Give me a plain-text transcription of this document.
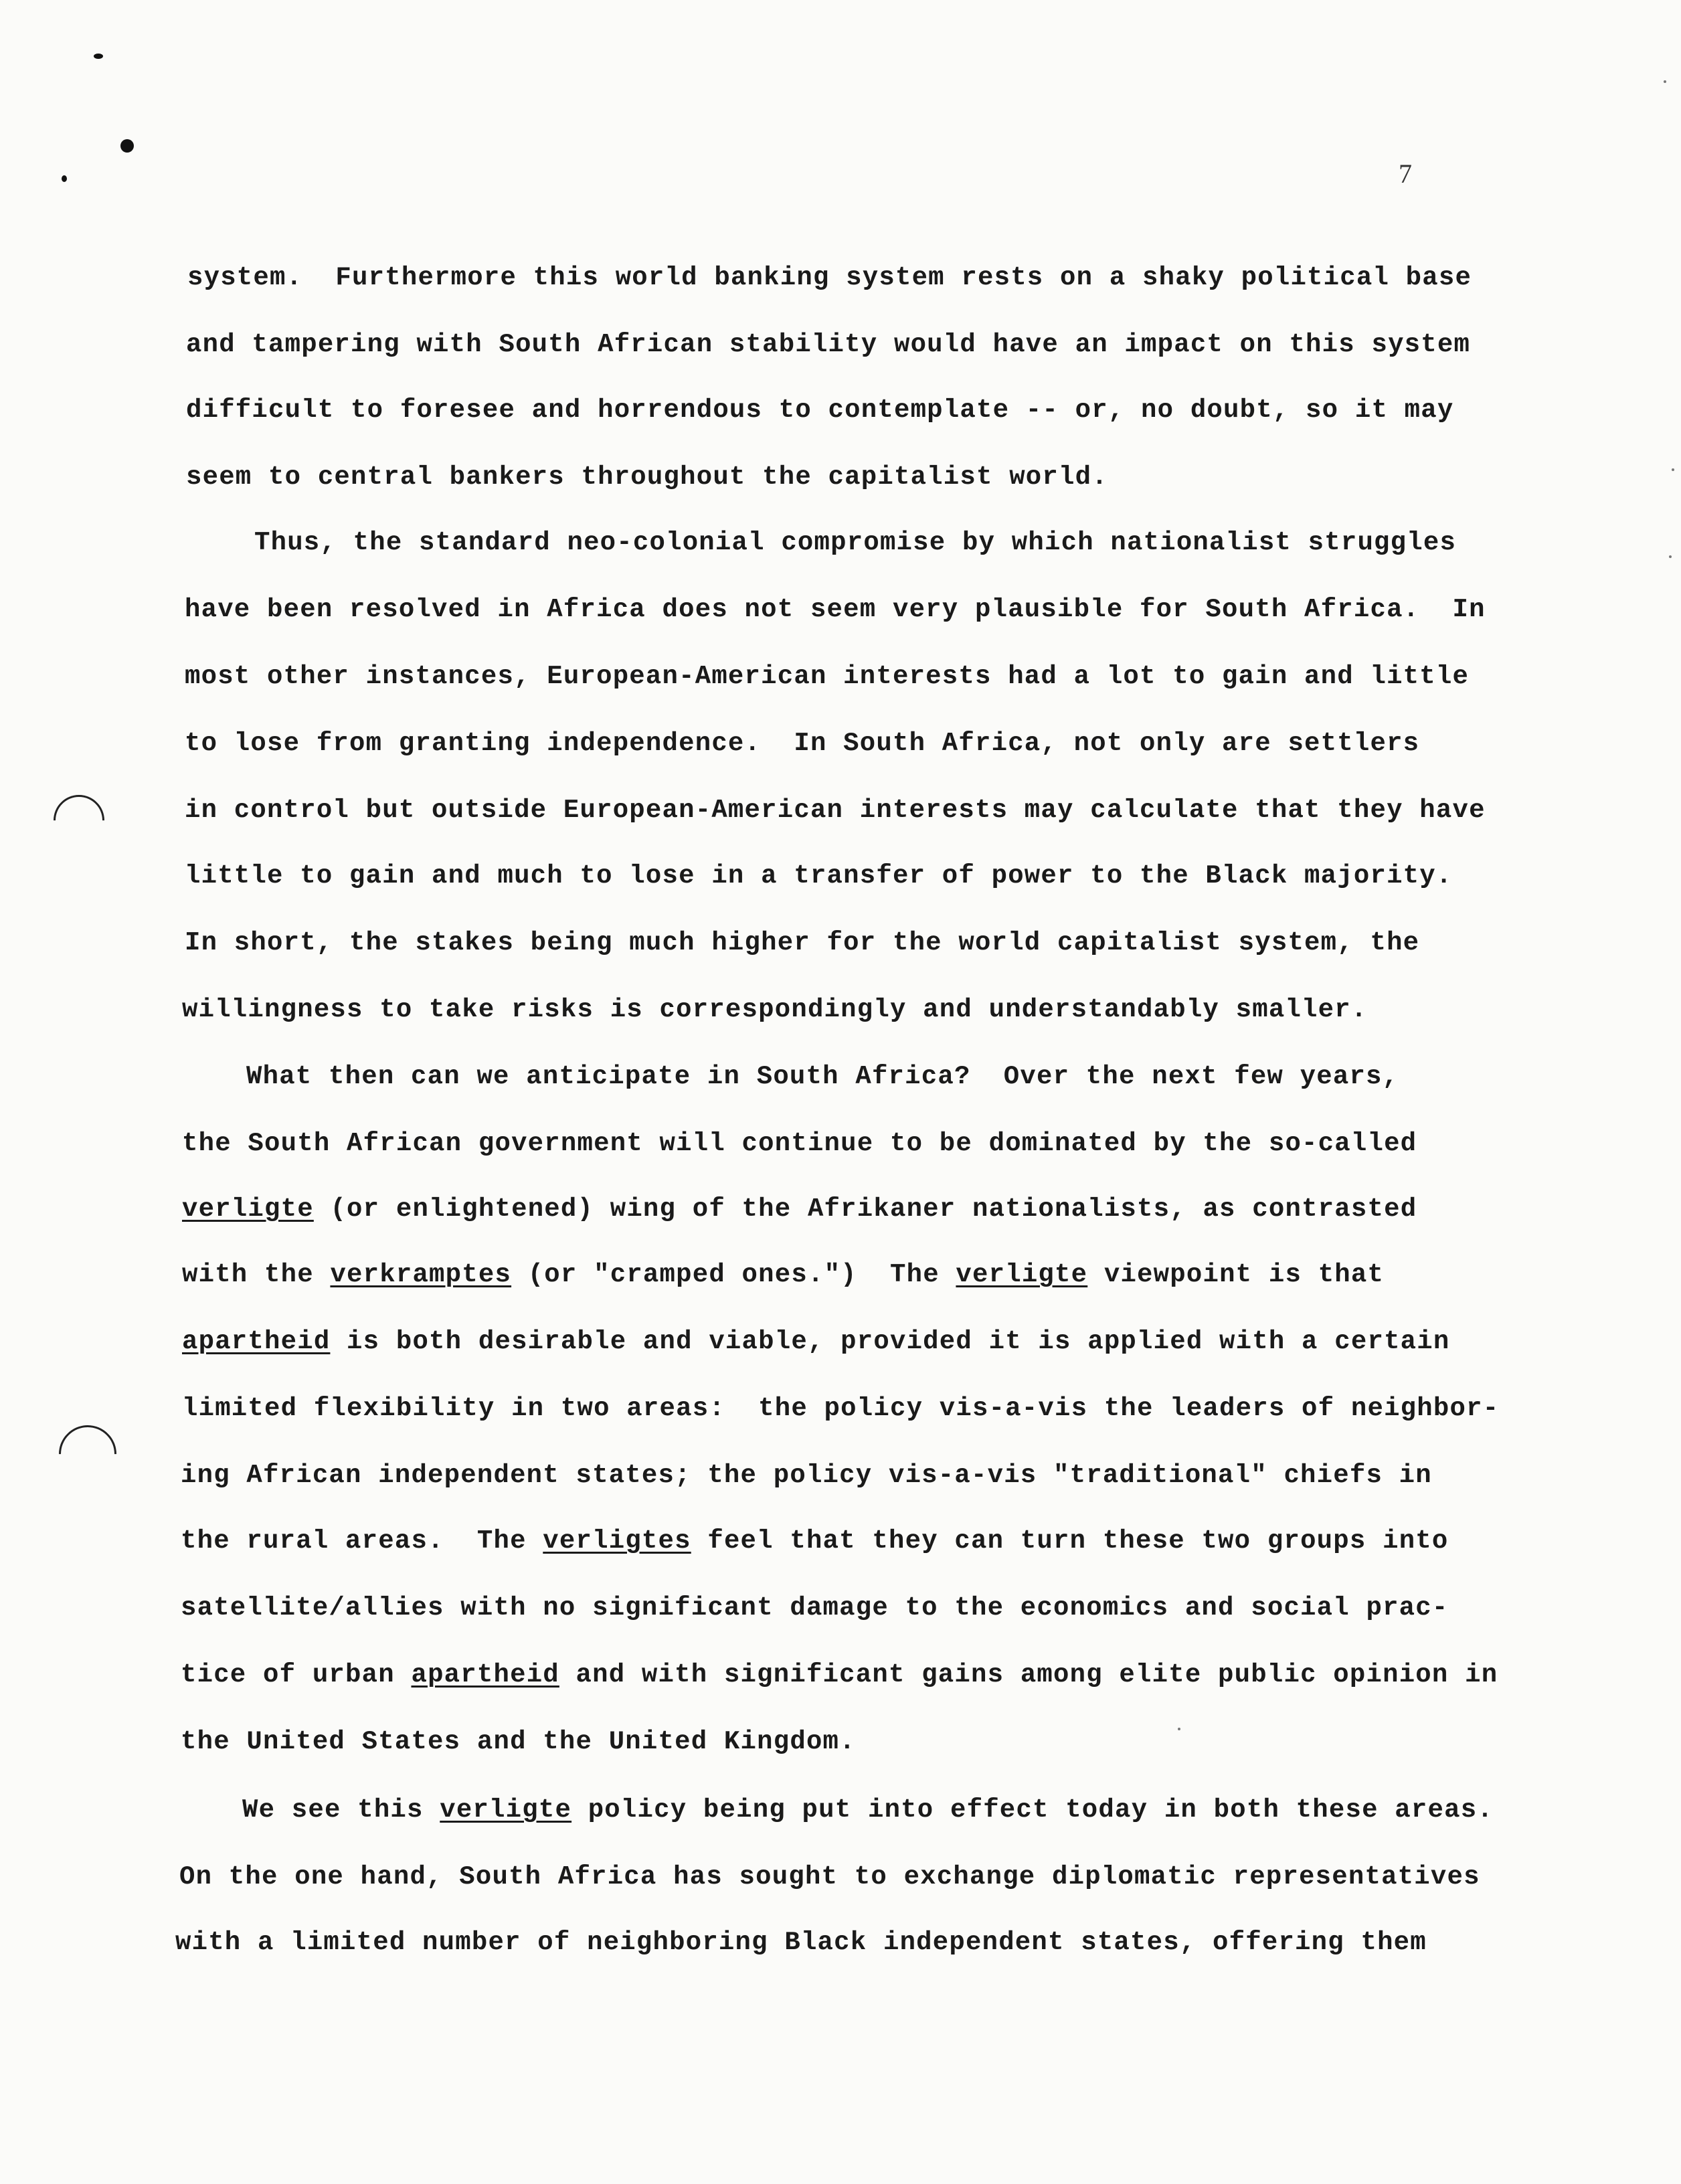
7
system.  Furthermore this world banking system rests on a shaky political base
and tampering with South African stability would have an impact on this system
difficult to foresee and horrendous to contemplate -- or, no doubt, so it may
seem to central bankers throughout the capitalist world.
Thus, the standard neo-colonial compromise by which nationalist struggles
have been resolved in Africa does not seem very plausible for South Africa.  In
most other instances, European-American interests had a lot to gain and little
to lose from granting independence.  In South Africa, not only are settlers
in control but outside European-American interests may calculate that they have
little to gain and much to lose in a transfer of power to the Black majority.
In short, the stakes being much higher for the world capitalist system, the
willingness to take risks is correspondingly and understandably smaller.
What then can we anticipate in South Africa?  Over the next few years,
the South African government will continue to be dominated by the so-called
verligte (or enlightened) wing of the Afrikaner nationalists, as contrasted
with the verkramptes (or "cramped ones.")  The verligte viewpoint is that
apartheid is both desirable and viable, provided it is applied with a certain
limited flexibility in two areas:  the policy vis-a-vis the leaders of neighbor-
ing African independent states; the policy vis-a-vis "traditional" chiefs in
the rural areas.  The verligtes feel that they can turn these two groups into
satellite/allies with no significant damage to the economics and social prac-
tice of urban apartheid and with significant gains among elite public opinion in
the United States and the United Kingdom.
We see this verligte policy being put into effect today in both these areas.
On the one hand, South Africa has sought to exchange diplomatic representatives
with a limited number of neighboring Black independent states, offering them
